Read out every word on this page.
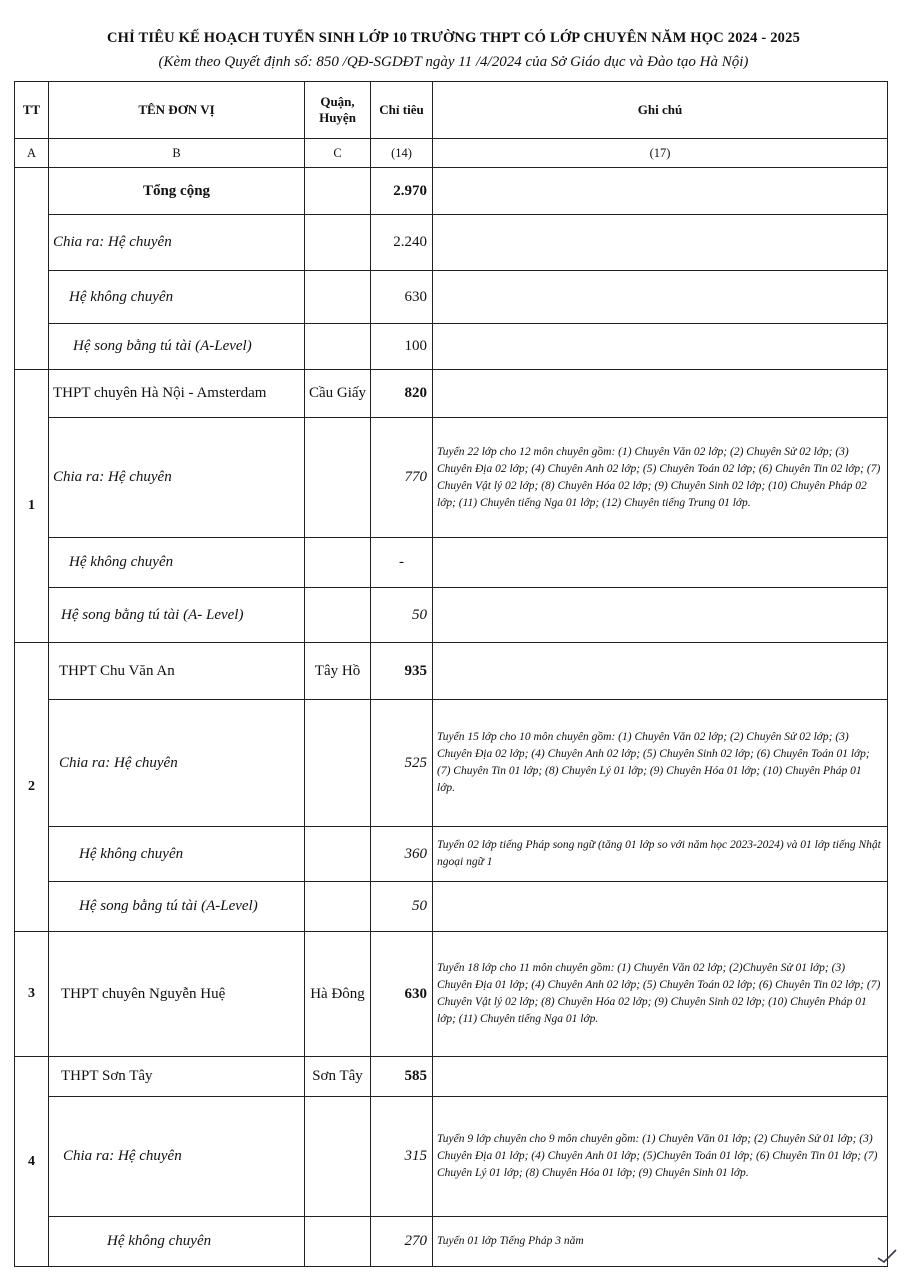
CHỈ TIÊU KẾ HOẠCH TUYỂN SINH LỚP 10 TRƯỜNG THPT CÓ LỚP CHUYÊN NĂM HỌC 2024 - 2025
(Kèm theo Quyết định số: 850 /QĐ-SGDĐT ngày 11 /4/2024 của Sở Giáo dục và Đào tạo Hà Nội)
TT	TÊN ĐƠN VỊ	Quận, Huyện	Chỉ tiêu	Ghi chú
A	B	C	(14)	(17)
	Tổng cộng		2.970	
	Chia ra: Hệ chuyên		2.240	
	Hệ không chuyên		630	
	Hệ song bằng tú tài (A-Level)		100	
1	THPT chuyên Hà Nội - Amsterdam	Cầu Giấy	820	
	Chia ra: Hệ chuyên		770	Tuyển 22 lớp cho 12 môn chuyên gồm: (1) Chuyên Văn 02 lớp; (2) Chuyên Sử 02 lớp; (3) Chuyên Địa 02 lớp; (4) Chuyên Anh 02 lớp; (5) Chuyên Toán 02 lớp; (6) Chuyên Tin 02 lớp; (7) Chuyên Vật lý 02 lớp; (8) Chuyên Hóa 02 lớp; (9) Chuyên Sinh 02 lớp; (10) Chuyên Pháp 02 lớp; (11) Chuyên tiếng Nga 01 lớp; (12) Chuyên tiếng Trung 01 lớp.
	Hệ không chuyên		-	
	Hệ song bằng tú tài (A- Level)		50	
2	THPT Chu Văn An	Tây Hồ	935	
	Chia ra: Hệ chuyên		525	Tuyển 15 lớp cho 10 môn chuyên gồm: (1) Chuyên Văn 02 lớp; (2) Chuyên Sử 02 lớp; (3) Chuyên Địa 02 lớp; (4) Chuyên Anh 02 lớp; (5) Chuyên Sinh 02 lớp; (6) Chuyên Toán 01 lớp; (7) Chuyên Tin 01 lớp; (8) Chuyên Lý 01 lớp; (9) Chuyên Hóa 01 lớp; (10) Chuyên Pháp 01 lớp.
	Hệ không chuyên		360	Tuyển 02 lớp tiếng Pháp song ngữ (tăng 01 lớp so với năm học 2023-2024) và 01 lớp tiếng Nhật ngoại ngữ 1
	Hệ song bằng tú tài (A-Level)		50	
3	THPT chuyên Nguyễn Huệ	Hà Đông	630	Tuyển 18 lớp cho 11 môn chuyên gồm: (1) Chuyên Văn 02 lớp; (2)Chuyên Sử 01 lớp; (3) Chuyên Địa 01 lớp; (4) Chuyên Anh 02 lớp; (5) Chuyên Toán 02 lớp; (6) Chuyên Tin 02 lớp; (7) Chuyên Vật lý 02 lớp; (8) Chuyên Hóa 02 lớp; (9) Chuyên Sinh 02 lớp; (10) Chuyên Pháp 01 lớp; (11) Chuyên tiếng Nga 01 lớp.
4	THPT Sơn Tây	Sơn Tây	585	
	Chia ra: Hệ chuyên		315	Tuyển 9 lớp chuyên cho 9 môn chuyên gồm: (1) Chuyên Văn 01 lớp; (2) Chuyên Sử 01 lớp; (3) Chuyên Địa 01 lớp; (4) Chuyên Anh 01 lớp; (5)Chuyên Toán 01 lớp; (6) Chuyên Tin 01 lớp; (7) Chuyên Lý 01 lớp; (8) Chuyên Hóa 01 lớp; (9) Chuyên Sinh 01 lớp.
	Hệ không chuyên		270	Tuyển 01 lớp Tiếng Pháp 3 năm
